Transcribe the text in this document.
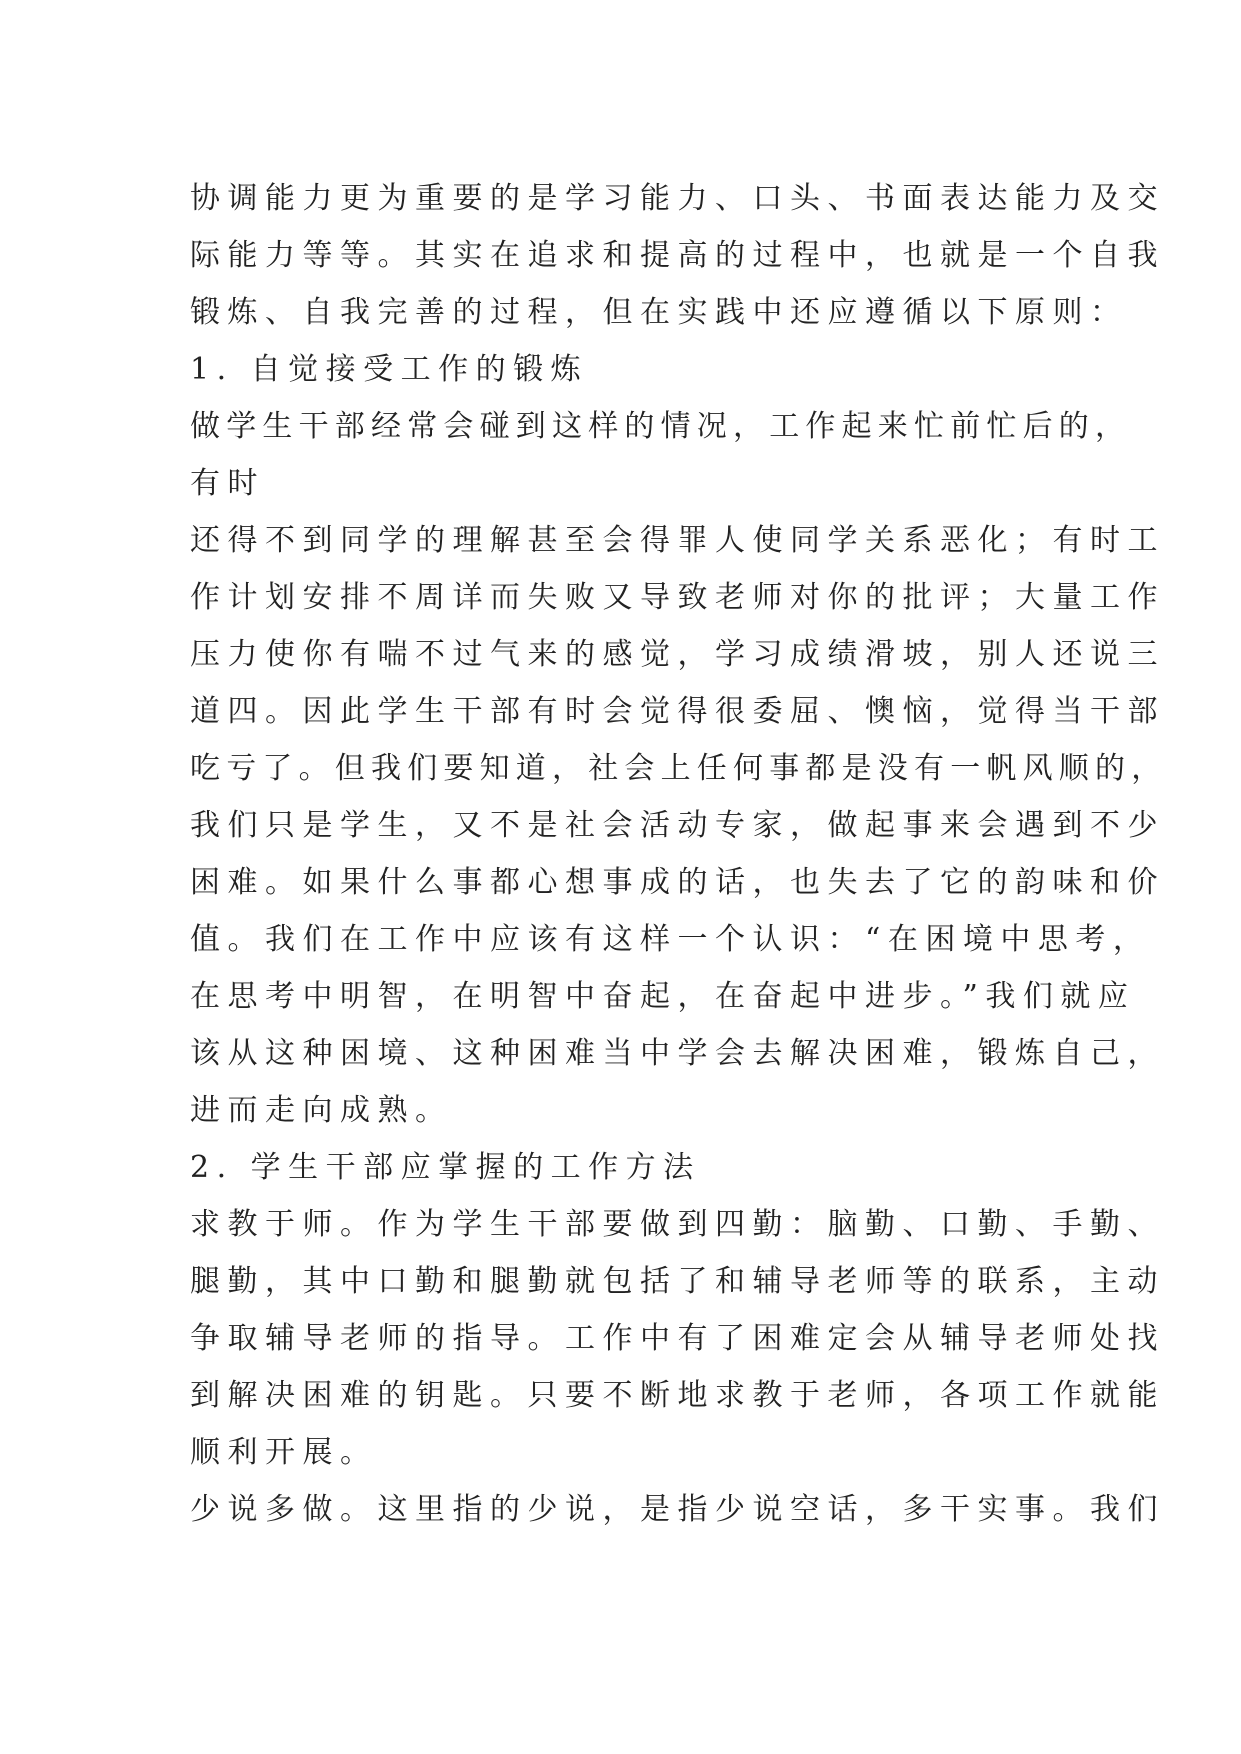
协调能力更为重要的是学习能力、口头、书面表达能力及交
际能力等等。其实在追求和提高的过程中，也就是一个自我
锻炼、自我完善的过程，但在实践中还应遵循以下原则：
1. 自觉接受工作的锻炼
做学生干部经常会碰到这样的情况，工作起来忙前忙后的，
有时
还得不到同学的理解甚至会得罪人使同学关系恶化；有时工
作计划安排不周详而失败又导致老师对你的批评；大量工作
压力使你有喘不过气来的感觉，学习成绩滑坡，别人还说三
道四。因此学生干部有时会觉得很委屈、懊恼，觉得当干部
吃亏了。但我们要知道，社会上任何事都是没有一帆风顺的，
我们只是学生，又不是社会活动专家，做起事来会遇到不少
困难。如果什么事都心想事成的话，也失去了它的韵味和价
值。我们在工作中应该有这样一个认识：“在困境中思考，
在思考中明智，在明智中奋起，在奋起中进步。”我们就应
该从这种困境、这种困难当中学会去解决困难，锻炼自己，
进而走向成熟。
2. 学生干部应掌握的工作方法
求教于师。作为学生干部要做到四勤：脑勤、口勤、手勤、
腿勤，其中口勤和腿勤就包括了和辅导老师等的联系，主动
争取辅导老师的指导。工作中有了困难定会从辅导老师处找
到解决困难的钥匙。只要不断地求教于老师，各项工作就能
顺利开展。
少说多做。这里指的少说，是指少说空话，多干实事。我们
